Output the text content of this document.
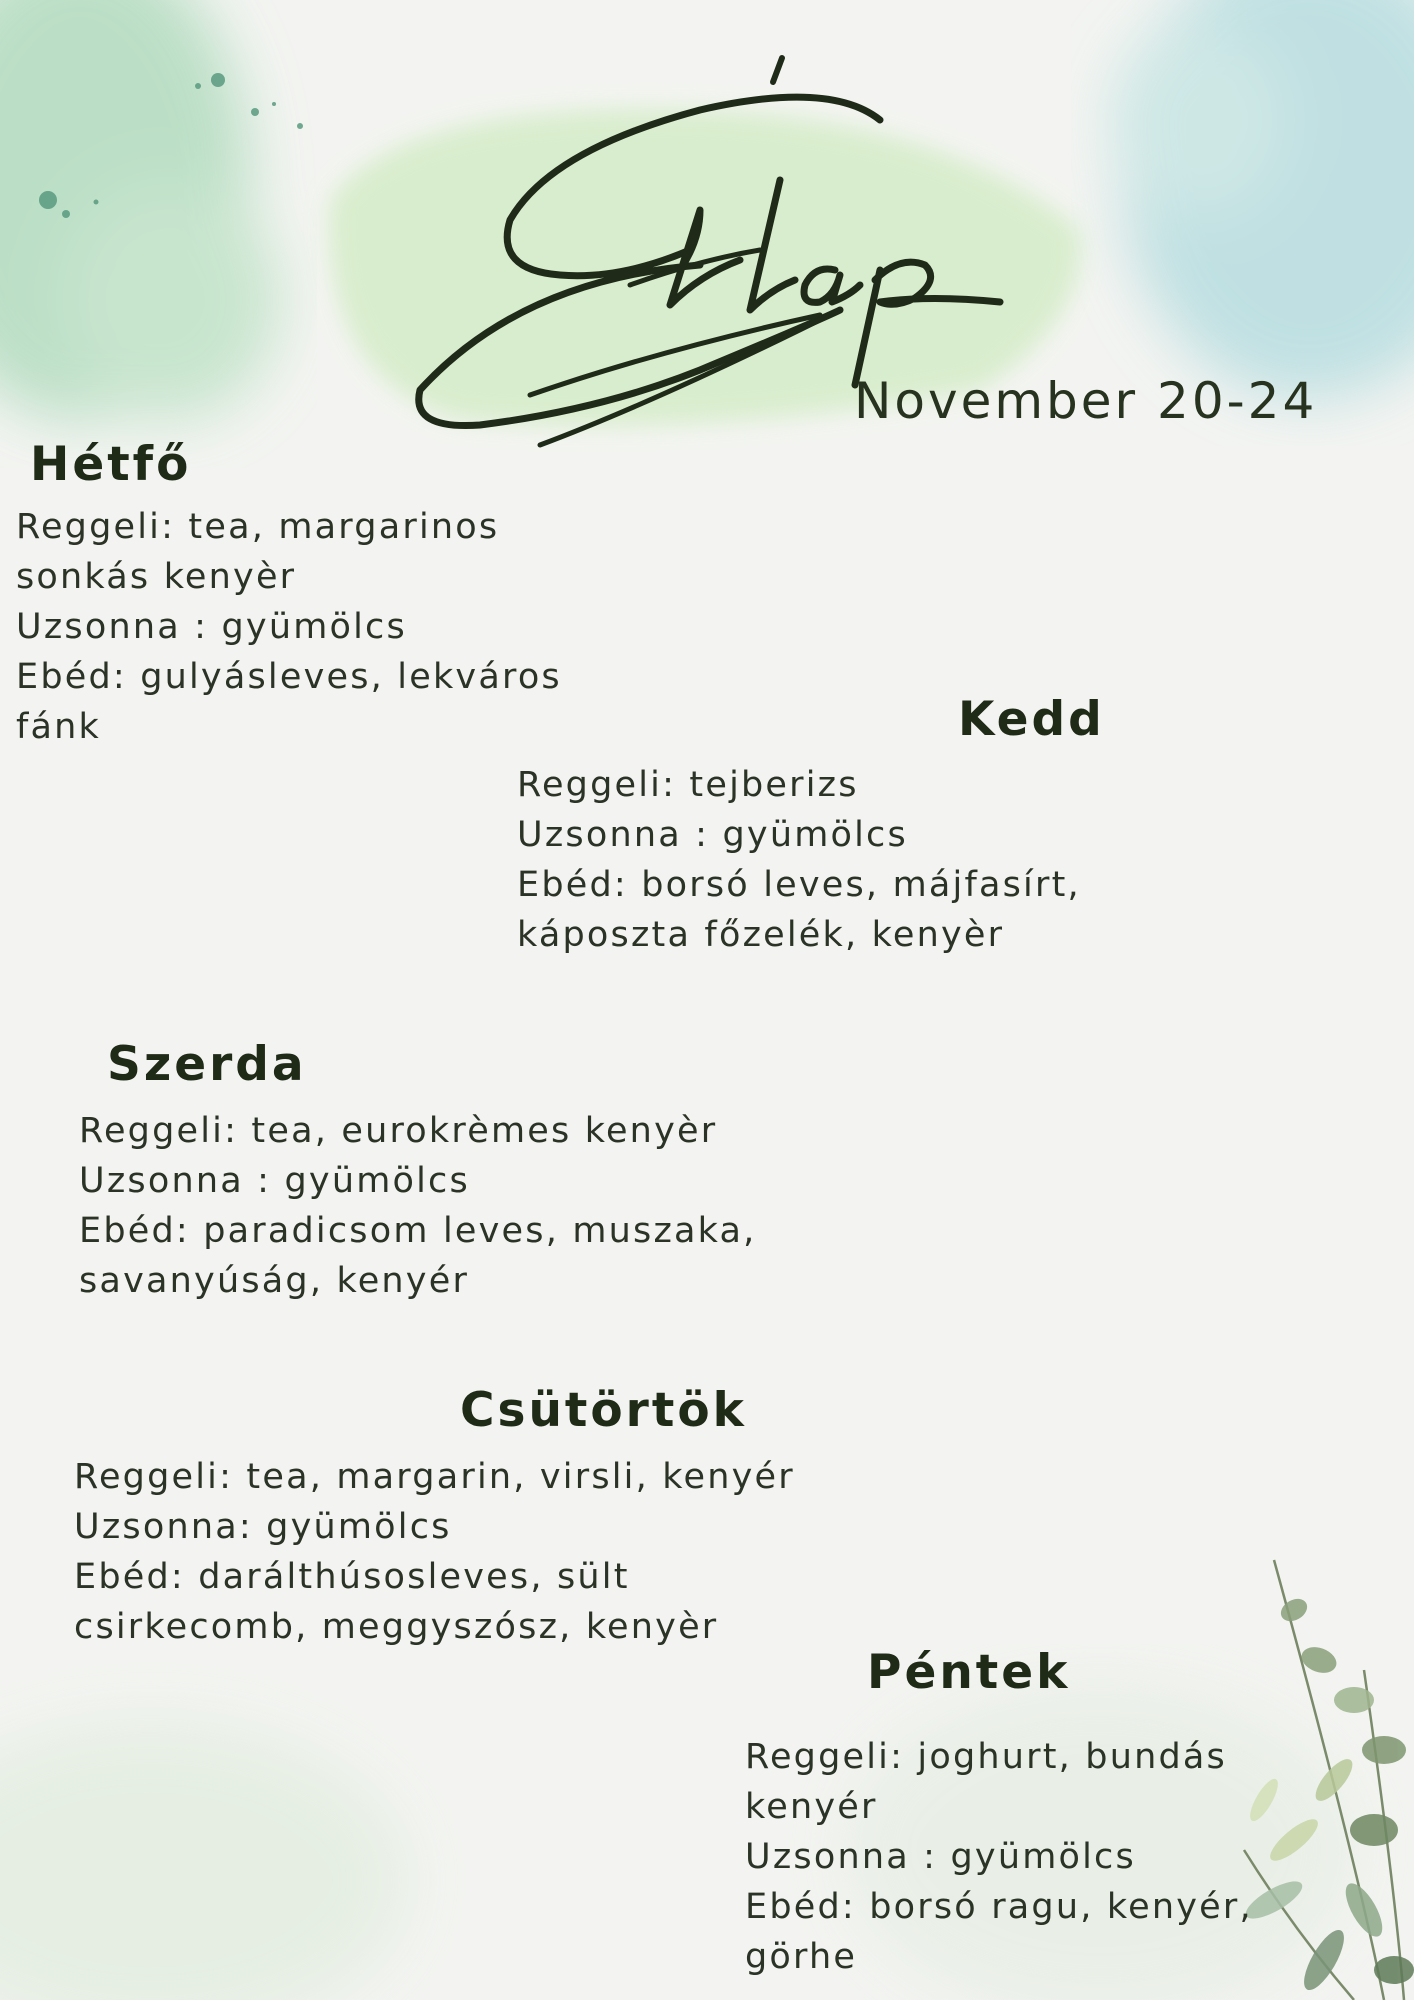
November 20-24
Hétfő
Reggeli: tea, margarinos
sonkás kenyèr
Uzsonna : gyümölcs
Ebéd: gulyásleves, lekváros
fánk	Kedd
Reggeli: tejberizs
Uzsonna : gyümölcs
Ebéd: borsó leves, májfasírt,
káposzta főzelék, kenyèr
Szerda
Reggeli: tea, eurokrèmes kenyèr
Uzsonna : gyümölcs
Ebéd: paradicsom leves, muszaka,
savanyúság, kenyér
Csütörtök
Reggeli: tea, margarin, virsli, kenyér
Uzsonna: gyümölcs
Ebéd: darálthúsosleves, sült
csirkecomb, meggyszósz, kenyèr
Péntek
Reggeli: joghurt, bundás
kenyér
Uzsonna : gyümölcs
Ebéd: borsó ragu, kenyér,
görhe
